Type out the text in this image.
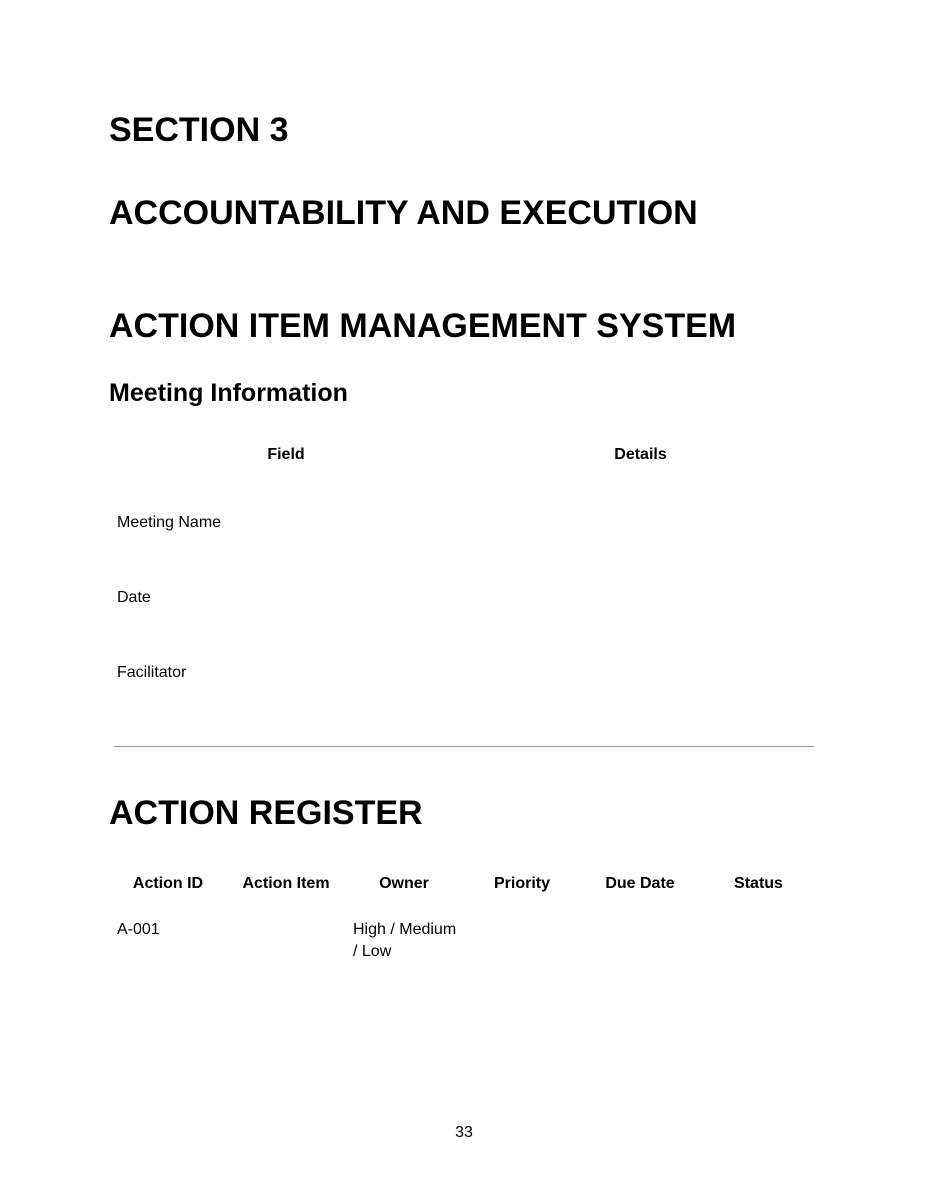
SECTION 3
ACCOUNTABILITY AND EXECUTION
ACTION ITEM MANAGEMENT SYSTEM
Meeting Information
Field	Details
Meeting Name	
Date	
Facilitator	
ACTION REGISTER
Action ID	Action Item	Owner	Priority	Due Date	Status
A-001		High / Medium / Low			
33
